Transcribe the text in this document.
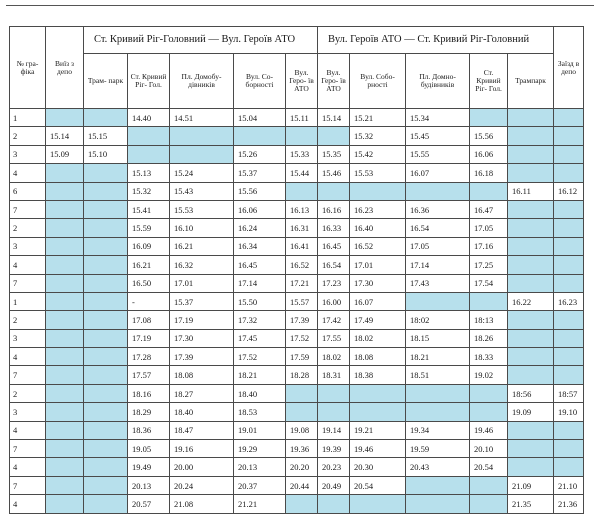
№ гра- фіка	Виїз з депо	Ст. Кривий Ріг-Головний — Вул. Героїв АТО					Вул. Героїв АТО — Ст. Кривий Ріг-Головний					Заїзд в депо
		Трам- парк	Ст. Кривий Ріг- Гол.	Пл. Домобу- дівників	Вул. Со- борності	Вул. Геро- їв АТО	Вул. Геро- їв АТО	Вул. Собо- рності	Пл. Домно- будівників	Ст. Кривий Ріг- Гол.	Трампарк	
1			14.40	14.51	15.04	15.11	15.14	15.21	15.34			
2	15.14	15.15						15.32	15.45	15.56		
3	15.09	15.10			15.26	15.33	15.35	15.42	15.55	16.06		
4			15.13	15.24	15.37	15.44	15.46	15.53	16.07	16.18		
6			15.32	15.43	15.56						16.11	16.12
7			15.41	15.53	16.06	16.13	16.16	16.23	16.36	16.47		
2			15.59	16.10	16.24	16.31	16.33	16.40	16.54	17.05		
3			16.09	16.21	16.34	16.41	16.45	16.52	17.05	17.16		
4			16.21	16.32	16.45	16.52	16.54	17.01	17.14	17.25		
7			16.50	17.01	17.14	17.21	17.23	17.30	17.43	17.54		
1			-	15.37	15.50	15.57	16.00	16.07			16.22	16.23
2			17.08	17.19	17.32	17.39	17.42	17.49	18:02	18:13		
3			17.19	17.30	17.45	17.52	17.55	18.02	18.15	18.26		
4			17.28	17.39	17.52	17.59	18.02	18.08	18.21	18.33		
7			17.57	18.08	18.21	18.28	18.31	18.38	18.51	19.02		
2			18.16	18.27	18.40						18:56	18:57
3			18.29	18.40	18.53						19.09	19.10
4			18.36	18.47	19.01	19.08	19.14	19.21	19.34	19.46		
7			19.05	19.16	19.29	19.36	19.39	19.46	19.59	20.10		
4			19.49	20.00	20.13	20.20	20.23	20.30	20.43	20.54		
7			20.13	20.24	20.37	20.44	20.49	20.54			21.09	21.10
4			20.57	21.08	21.21						21.35	21.36
